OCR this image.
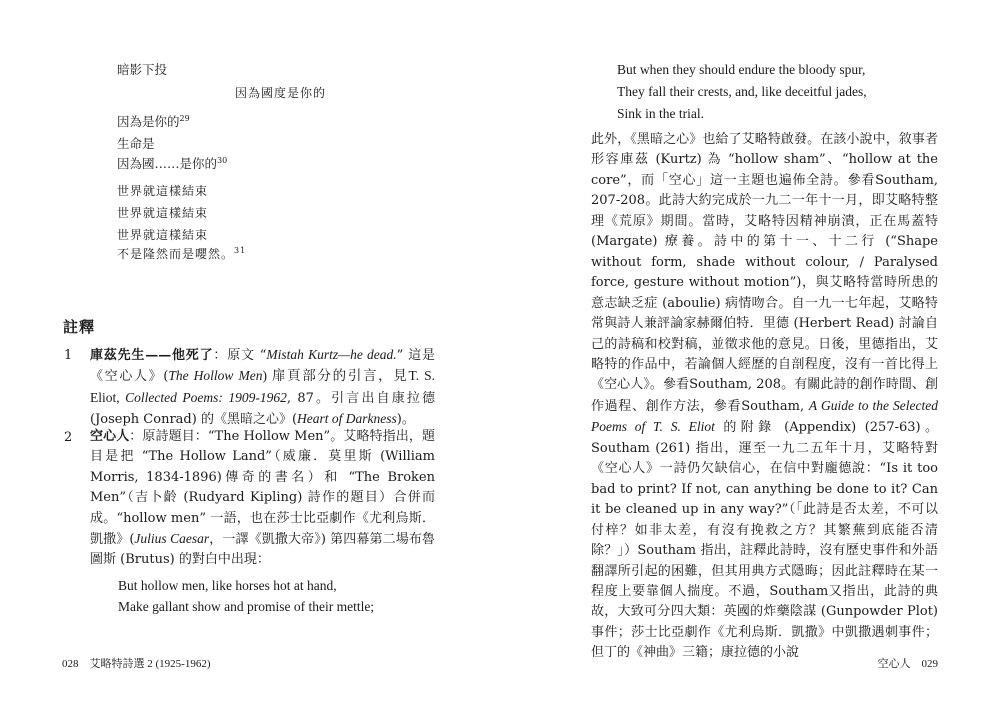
暗影下投
因為國度是你的
因為是你的$^{29}$
生命是
因為國……是你的$^{30}$
世界就這樣結束
世界就這樣結束
世界就這樣結束
不是隆然而是嚶然。$^{31}$
註釋
1 庫茲先生——他死了：原文 “Mistah Kurtz—he dead.” 這是《空心人》(The Hollow Men) 扉頁部分的引言，見T. S. Eliot, Collected Poems: 1909-1962, 87。引言出自康拉德 (Joseph Conrad) 的《黑暗之心》(Heart of Darkness)。
2 空心人：原詩題目：“The Hollow Men”。艾略特指出，題目是把 “The Hollow Land”（威廉．莫里斯 (William Morris, 1834-1896)傳奇的書名）和 “The Broken Men”（吉卜齡 (Rudyard Kipling) 詩作的題目）合併而成。“hollow men” 一語，也在莎士比亞劇作《尤利烏斯．凱撒》(Julius Caesar，一譯《凱撒大帝》) 第四幕第二場布魯圖斯 (Brutus) 的對白中出現：
But hollow men, like horses hot at hand,
Make gallant show and promise of their mettle;
028　艾略特詩選 2 (1925-1962)
But when they should endure the bloody spur,
They fall their crests, and, like deceitful jades,
Sink in the trial.
此外，《黑暗之心》也給了艾略特啟發。在該小說中，敘事者形容庫茲 (Kurtz) 為 “hollow sham”、“hollow at the core”，而「空心」這一主題也遍佈全詩。參看Southam, 207-208。此詩大約完成於一九二一年十一月，即艾略特整理《荒原》期間。當時，艾略特因精神崩潰，正在馬蓋特 (Margate) 療養。詩中的第十一、十二行 (“Shape without form, shade without colour, / Paralysed force, gesture without motion”)，與艾略特當時所患的意志缺乏症 (aboulie) 病情吻合。自一九一七年起，艾略特常與詩人兼評論家赫爾伯特．里德 (Herbert Read) 討論自己的詩稿和校對稿，並徵求他的意見。日後，里德指出，艾略特的作品中，若論個人經歷的自剖程度，沒有一首比得上《空心人》。參看Southam, 208。有關此詩的創作時間、創作過程、創作方法，參看Southam, A Guide to the Selected Poems of T. S. Eliot 的附錄 (Appendix) (257-63)。Southam (261) 指出，運至一九二五年十月，艾略特對《空心人》一詩仍欠缺信心，在信中對龐德說：“Is it too bad to print? If not, can anything be done to it? Can it be cleaned up in any way?”（「此詩是否太差，不可以付梓？如非太差，有沒有挽救之方？其繁蕪到底能否清除？」）Southam 指出，註釋此詩時，沒有歷史事件和外語翻譯所引起的困難，但其用典方式隱晦；因此註釋時在某一程度上要靠個人揣度。不過，Southam又指出，此詩的典故，大致可分四大類：英國的炸藥陰謀 (Gunpowder Plot) 事件；莎士比亞劇作《尤利烏斯．凱撒》中凱撒遇刺事件；但丁的《神曲》三籍；康拉德的小說
空心人　029
